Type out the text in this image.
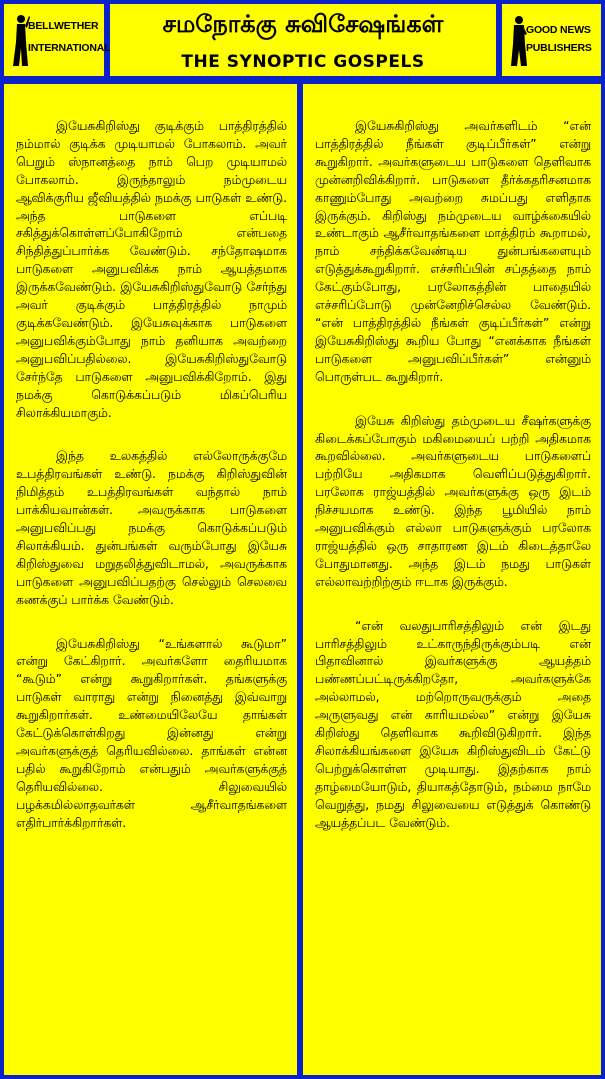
BELLWETHER
INTERNATIONAL
சமநோக்கு சுவிசேஷங்கள்
THE SYNOPTIC GOSPELS
GOOD NEWS
PUBLISHERS

இயேசுகிறிஸ்து குடிக்கும் பாத்திரத்தில் நம்மால் குடிக்க முடியாமல் போகலாம். அவர் பெறும் ஸ்நானத்தை நாம் பெற முடியாமல் போகலாம். இருந்தாலும் நம்முடைய ஆவிக்குரிய ஜீவியத்தில் நமக்கு பாடுகள் உண்டு. அந்த பாடுகளை எப்படி சகித்துக்கொள்ளப்போகிறோம் என்பதை சிந்தித்துப்பார்க்க வேண்டும். சந்தோஷமாக பாடுகளை அனுபவிக்க நாம் ஆயத்தமாக இருக்கவேண்டும். இயேசுகிறிஸ்துவோடு சேர்ந்து அவர் குடிக்கும் பாத்திரத்தில் நாமும் குடிக்கவேண்டும். இயேசுவுக்காக பாடுகளை அனுபவிக்கும்போது நாம் தனியாக அவற்றை அனுபவிப்பதில்லை. இயேசுகிறிஸ்துவோடு சேர்ந்தே பாடுகளை அனுபவிக்கிறோம். இது நமக்கு கொடுக்கப்படும் மிகப்பெரிய சிலாக்கியமாகும்.

இந்த உலகத்தில் எல்லோருக்குமே உபத்திரவங்கள் உண்டு. நமக்கு கிறிஸ்துவின் நிமித்தம் உபத்திரவங்கள் வந்தால் நாம் பாக்கியவான்கள். அவருக்காக பாடுகளை அனுபவிப்பது நமக்கு கொடுக்கப்படும் சிலாக்கியம். துன்பங்கள் வரும்போது இயேசு கிறிஸ்துவை மறுதலித்துவிடாமல், அவருக்காக பாடுகளை அனுபவிப்பதற்கு செல்லும் செலவை கணக்குப் பார்க்க வேண்டும்.

இயேசுகிறிஸ்து “உங்களால் கூடுமா” என்று கேட்கிறார். அவர்களோ தைரியமாக “கூடும்” என்று கூறுகிறார்கள். தங்களுக்கு பாடுகள் வாராது என்று நினைத்து இவ்வாறு கூறுகிறார்கள். உண்மையிலேயே தாங்கள் கேட்டுக்கொள்கிறது இன்னது என்று அவர்களுக்குத் தெரியவில்லை. தாங்கள் என்ன பதில் கூறுகிறோம் என்பதும் அவர்களுக்குத் தெரியவில்லை. சிலுவையில் பழக்கமில்லாதவர்கள் ஆசீர்வாதங்களை எதிர்பார்க்கிறார்கள்.

இயேசுகிறிஸ்து அவர்களிடம் “என் பாத்திரத்தில் நீங்கள் குடிப்பீர்கள்” என்று கூறுகிறார். அவர்களுடைய பாடுகளை தெளிவாக முன்னறிவிக்கிறார். பாடுகளை தீர்க்கதரிசனமாக காணும்போது அவற்றை சுமப்பது எளிதாக இருக்கும். கிறிஸ்து நம்முடைய வாழ்க்கையில் உண்டாகும் ஆசீர்வாதங்களை மாத்திரம் கூறாமல், நாம் சந்திக்கவேண்டிய துன்பங்களையும் எடுத்துக்கூறுகிறார். எச்சரிப்பின் சப்தத்தை நாம் கேட்கும்போது, பரலோகத்தின் பாதையில் எச்சரிப்போடு முன்னேறிச்செல்ல வேண்டும். “என் பாத்திரத்தில் நீங்கள் குடிப்பீர்கள்” என்று இயேசுகிறிஸ்து கூறிய போது “எனக்காக நீங்கள் பாடுகளை அனுபவிப்பீர்கள்” என்னும் பொருள்பட கூறுகிறார்.

இயேசு கிறிஸ்து தம்முடைய சீஷர்களுக்கு கிடைக்கப்போகும் மகிமையைப் பற்றி அதிகமாக கூறவில்லை. அவர்களுடைய பாடுகளைப் பற்றியே அதிகமாக வெளிப்படுத்துகிறார். பரலோக ராஜ்யத்தில் அவர்களுக்கு ஒரு இடம் நிச்சயமாக உண்டு. இந்த பூமியில் நாம் அனுபவிக்கும் எல்லா பாடுகளுக்கும் பரலோக ராஜ்யத்தில் ஒரு சாதாரண இடம் கிடைத்தாலே போதுமானது. அந்த இடம் நமது பாடுகள் எல்லாவற்றிற்கும் ஈடாக இருக்கும்.

“என் வலதுபாரிசத்திலும் என் இடது பாரிசத்திலும் உட்காருந்திருக்கும்படி என் பிதாவினால் இவர்களுக்கு ஆயத்தம் பண்ணப்பட்டிருக்கிறதோ, அவர்களுக்கே அல்லாமல், மற்றொருவருக்கும் அதை அருளுவது என் காரியமல்ல” என்று இயேசு கிறிஸ்து தெளிவாக கூறிவிடுகிறார். இந்த சிலாக்கியங்களை இயேசு கிறிஸ்துவிடம் கேட்டு பெற்றுக்கொள்ள முடியாது. இதற்காக நாம் தாழ்மையோடும், தியாகத்தோடும், நம்மை நாமே வெறுத்து, நமது சிலுவையை எடுத்துக் கொண்டு ஆயத்தப்பட வேண்டும்.
